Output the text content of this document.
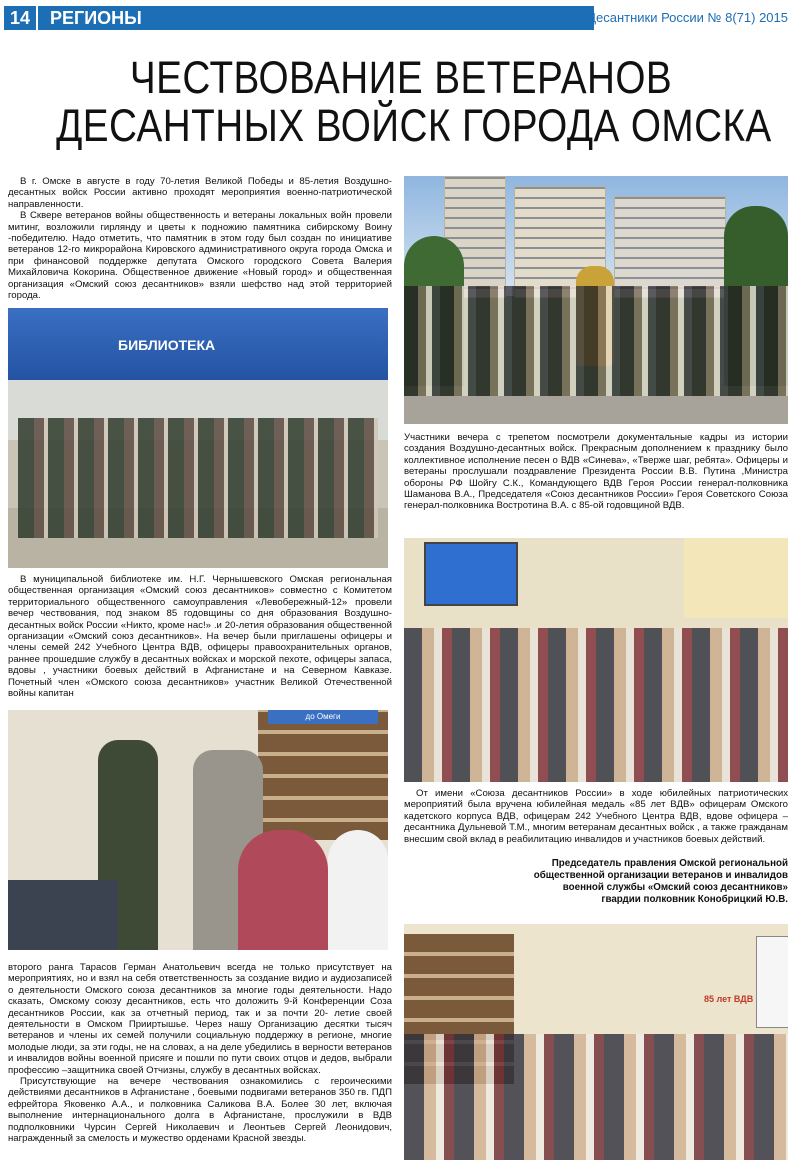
14	РЕГИОНЫ	Десантники России № 8(71) 2015
ЧЕСТВОВАНИЕ ВЕТЕРАНОВ
ДЕСАНТНЫХ ВОЙСК ГОРОДА ОМСКА

В г. Омске в августе в году 70-летия Великой Победы и 85-летия Воздушно-десантных войск России активно проходят мероприятия военно-патриотической направленности.

В Сквере ветеранов войны общественность и ветераны локальных войн провели митинг, возложили гирлянду и цветы к подножию памятника сибирскому Воину -победителю. Надо отметить, что памятник в этом году был создан по инициативе ветеранов 12-го микрорайона Кировского административного округа города Омска и при финансовой поддержке депутата Омского городского Совета Валерия Михайловича Кокорина. Общественное движение «Новый город» и общественная организация «Омский союз десантников» взяли шефство над этой территорией города.

БИБЛИОТЕКА

В муниципальной библиотеке им. Н.Г. Чернышевского Омская региональная общественная организация «Омский союз десантников» совместно с Комитетом территориального общественного самоуправления «Левобережный-12» провели вечер чествования, под знаком 85 годовщины со дня образования Воздушно-десантных войск России «Никто, кроме нас!» .и 20-летия образования общественной организации «Омский союз десантников». На вечер были приглашены офицеры и члены семей 242 Учебного Центра ВДВ, офицеры правоохранительных органов, раннее прошедшие службу в десантных войсках и морской пехоте, офицеры запаса, вдовы , участники боевых действий в Афганистане и на Северном Кавказе. Почетный член «Омского союза десантников» участник Великой Отечественной войны капитан

до Омеги

второго ранга Тарасов Герман Анатольевич всегда не только присутствует на мероприятиях, но и взял на себя ответственность за создание видио и аудиозаписей о деятельности Омского союза десантников за многие годы деятельности. Надо сказать, Омскому союзу десантников, есть что доложить 9-й Конференции Соза десантников России, как за отчетный период, так и за почти 20- летие своей деятельности в Омском Прииртышье. Через нашу Организацию десятки тысяч ветеранов и члены их семей получили социальную поддержку в регионе, многие молодые люди, за эти годы, не на словах, а на деле убедились в верности ветеранов и инвалидов войны военной присяге и пошли по пути своих отцов и дедов, выбрали профессию –защитника своей Отчизны, службу в десантных войсках.

Присутствующие на вечере чествования ознакомились с героическими действиями десантников в Афганистане , боевыми подвигами ветеранов 350 гв. ПДП ефрейтора Яковенко А.А., и полковника Саликова В.А. Более 30 лет, включая выполнение интернационального долга в Афганистане, прослужили в ВДВ подполковники Чурсин Сергей Николаевич и Леонтьев Сергей Леонидович, награжденный за смелость и мужество орденами Красной звезды.

Участники вечера с трепетом посмотрели документальные кадры из истории создания Воздушно-десантных войск. Прекрасным дополнением к празднику было коллективное исполнение песен о ВДВ «Синева», «Тверже шаг, ребята». Офицеры и ветераны прослушали поздравление Президента России В.В. Путина ,Министра обороны РФ Шойгу С.К., Командующего ВДВ Героя России генерал-полковника Шаманова В.А., Председателя «Союз десантников России» Героя Советского Союза генерал-полковника Востротина В.А. с 85-ой годовщиной ВДВ.

От имени «Союза десантников России» в ходе юбилейных патриотических мероприятий была вручена юбилейная медаль «85 лет ВДВ» офицерам Омского кадетского корпуса ВДВ, офицерам 242 Учебного Центра ВДВ, вдове офицера –десантника Дульневой Т.М., многим ветеранам десантных войск , а также гражданам внесшим свой вклад в реабилитацию инвалидов и участников боевых действий.

Председатель правления Омской региональной
общественной организации ветеранов и инвалидов
военной службы «Омский союз десантников»
гвардии полковник Конобрицкий Ю.В.
85 лет ВДВ
